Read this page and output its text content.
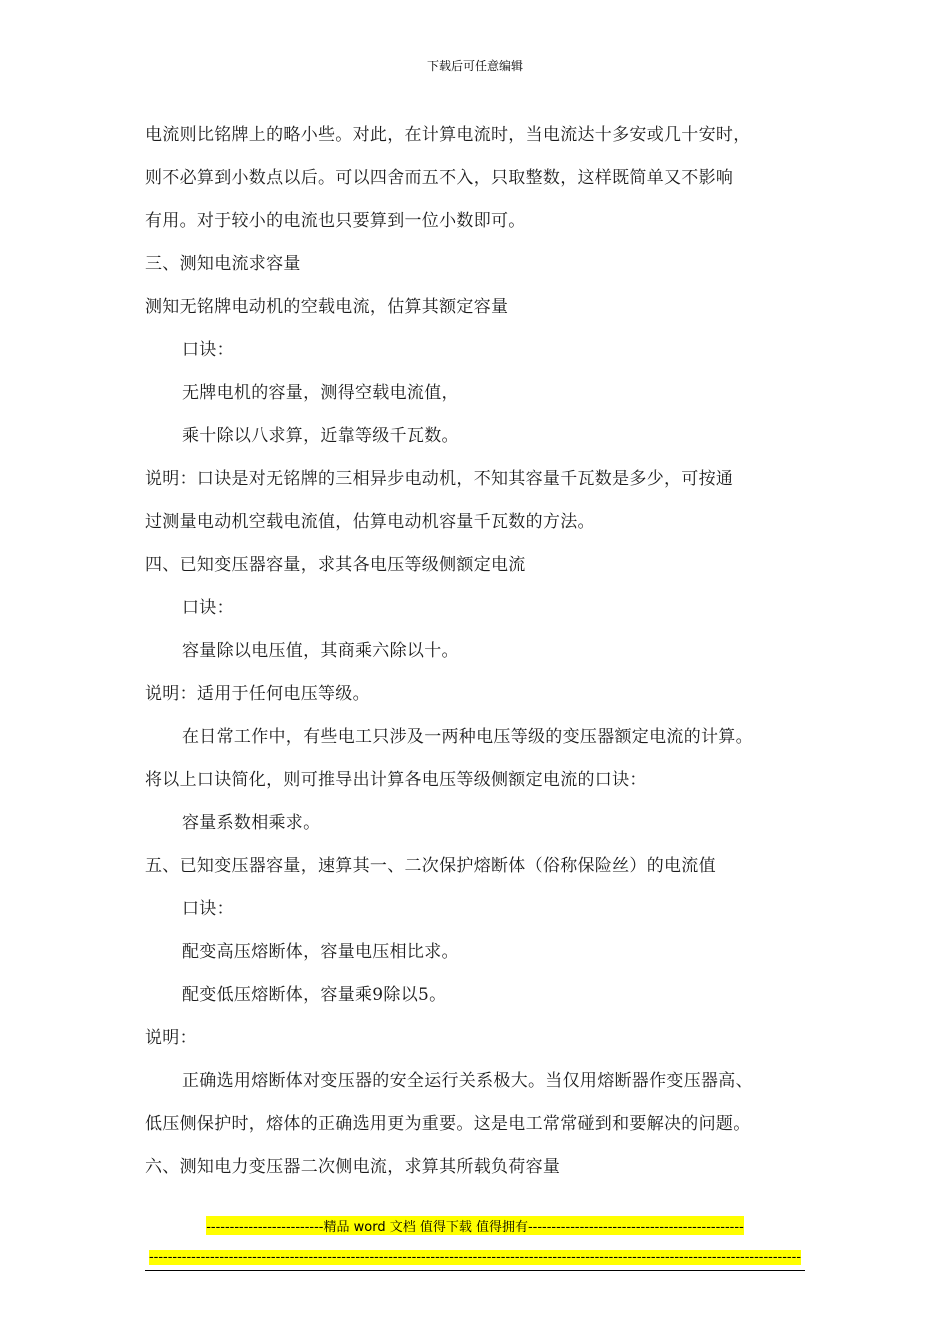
下载后可任意编辑
电流则比铭牌上的略小些。对此，在计算电流时，当电流达十多安或几十安时，
则不必算到小数点以后。可以四舍而五不入，只取整数，这样既简单又不影响
有用。对于较小的电流也只要算到一位小数即可。
三、测知电流求容量
测知无铭牌电动机的空载电流，估算其额定容量
口诀：
无牌电机的容量，测得空载电流值，
乘十除以八求算，近靠等级千瓦数。
说明：口诀是对无铭牌的三相异步电动机，不知其容量千瓦数是多少，可按通
过测量电动机空载电流值，估算电动机容量千瓦数的方法。
四、已知变压器容量，求其各电压等级侧额定电流
口诀：
容量除以电压值，其商乘六除以十。
说明：适用于任何电压等级。
在日常工作中，有些电工只涉及一两种电压等级的变压器额定电流的计算。
将以上口诀简化，则可推导出计算各电压等级侧额定电流的口诀：
容量系数相乘求。
五、已知变压器容量，速算其一、二次保护熔断体（俗称保险丝）的电流值
口诀：
配变高压熔断体，容量电压相比求。
配变低压熔断体，容量乘9除以5。
说明：
正确选用熔断体对变压器的安全运行关系极大。当仅用熔断器作变压器高、
低压侧保护时，熔体的正确选用更为重要。这是电工常常碰到和要解决的问题。
六、测知电力变压器二次侧电流，求算其所载负荷容量
-------------------------精品 word 文档 值得下载 值得拥有----------------------------------------------
-------------------------------------------------------------------------------------------------------------------------------------------
